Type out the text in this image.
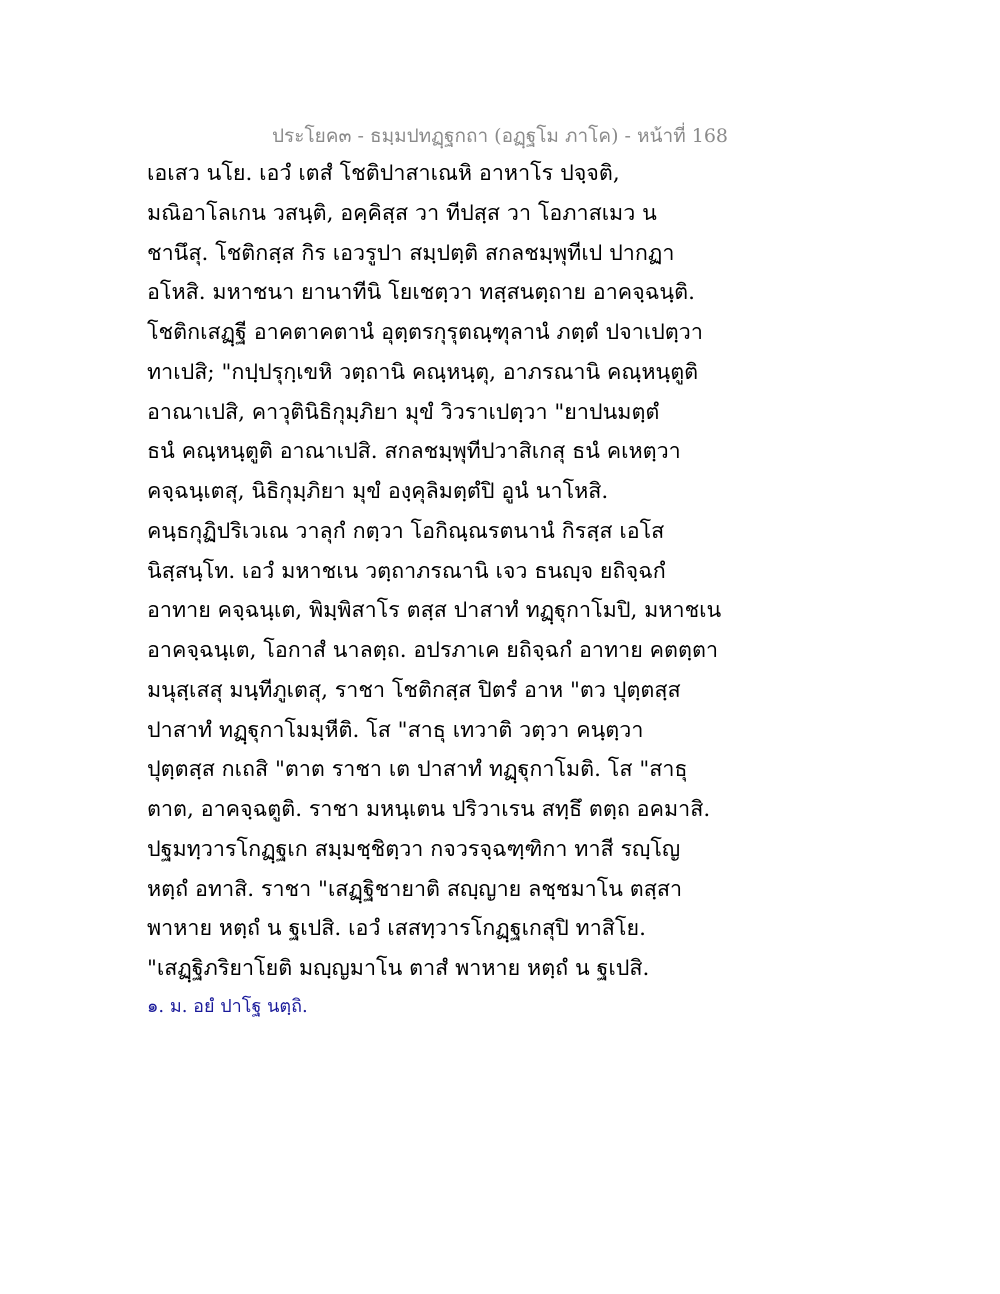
ประโยค๓ - ธมฺมปทฏฺฐกถา (อฏฺฐโม ภาโค) - หน้าที่ 168
เอเสว นโย. เอวํ เตสํ โชติปาสาเณหิ อาหาโร ปจฺจติ,
มณิอาโลเกน วสนฺติ, อคฺคิสฺส วา ทีปสฺส วา โอภาสเมว น
ชานึสุ. โชติกสฺส กิร เอวรูปา สมฺปตฺติ สกลชมฺพุทีเป ปากฏา
อโหสิ. มหาชนา ยานาทีนิ โยเชตฺวา ทสฺสนตฺถาย อาคจฺฉนฺติ.
โชติกเสฏฺฐี อาคตาคตานํ อุตฺตรกุรุตณฺฑุลานํ ภตฺตํ ปจาเปตฺวา
ทาเปสิ; "กปฺปรุกฺเขหิ วตฺถานิ คณฺหนฺตุ, อาภรณานิ คณฺหนฺตูติ
อาณาเปสิ, คาวุตินิธิกุมฺภิยา มุขํ วิวราเปตฺวา "ยาปนมตฺตํ
ธนํ คณฺหนฺตูติ อาณาเปสิ. สกลชมฺพุทีปวาสิเกสุ ธนํ คเหตฺวา
คจฺฉนฺเตสุ, นิธิกุมฺภิยา มุขํ องฺคุลิมตฺตํปิ อูนํ นาโหสิ.
คนฺธกุฏิปริเวเณ วาลุกํ กตฺวา โอกิณฺณรตนานํ กิรสฺส เอโส
นิสฺสนฺโท. เอวํ มหาชเน วตฺถาภรณานิ เจว ธนญฺจ ยถิจฺฉกํ
อาทาย คจฺฉนฺเต, พิมฺพิสาโร ตสฺส ปาสาทํ ทฏฺฐุกาโมปิ, มหาชเน
อาคจฺฉนฺเต, โอกาสํ นาลตฺถ. อปรภาเค ยถิจฺฉกํ อาทาย คตตฺตา
มนุสฺเสสุ มนฺทีภูเตสุ, ราชา โชติกสฺส ปิตรํ อาห "ตว ปุตฺตสฺส
ปาสาทํ ทฏฺฐุกาโมมฺหีติ. โส "สาธุ เทวาติ วตฺวา คนฺตฺวา
ปุตฺตสฺส กเถสิ "ตาต ราชา เต ปาสาทํ ทฏฺฐุกาโมติ. โส "สาธุ
ตาต, อาคจฺฉตูติ. ราชา มหนฺเตน ปริวาเรน สทฺธึ ตตฺถ อคมาสิ.
ปฐมทฺวารโกฏฺฐเก สมฺมชฺชิตฺวา กจวรจฺฉฑฺฑิกา ทาสี รญฺโญ
หตฺถํ อทาสิ. ราชา "เสฏฺฐิชายาติ สญฺญาย ลชฺชมาโน ตสฺสา
พาหาย หตฺถํ น ฐเปสิ. เอวํ เสสทฺวารโกฏฺฐเกสุปิ ทาสิโย.
"เสฏฺฐิภริยาโยติ มญฺญมาโน ตาสํ พาหาย หตฺถํ น ฐเปสิ.
๑. ม. อยํ ปาโฐ นตฺถิ.
